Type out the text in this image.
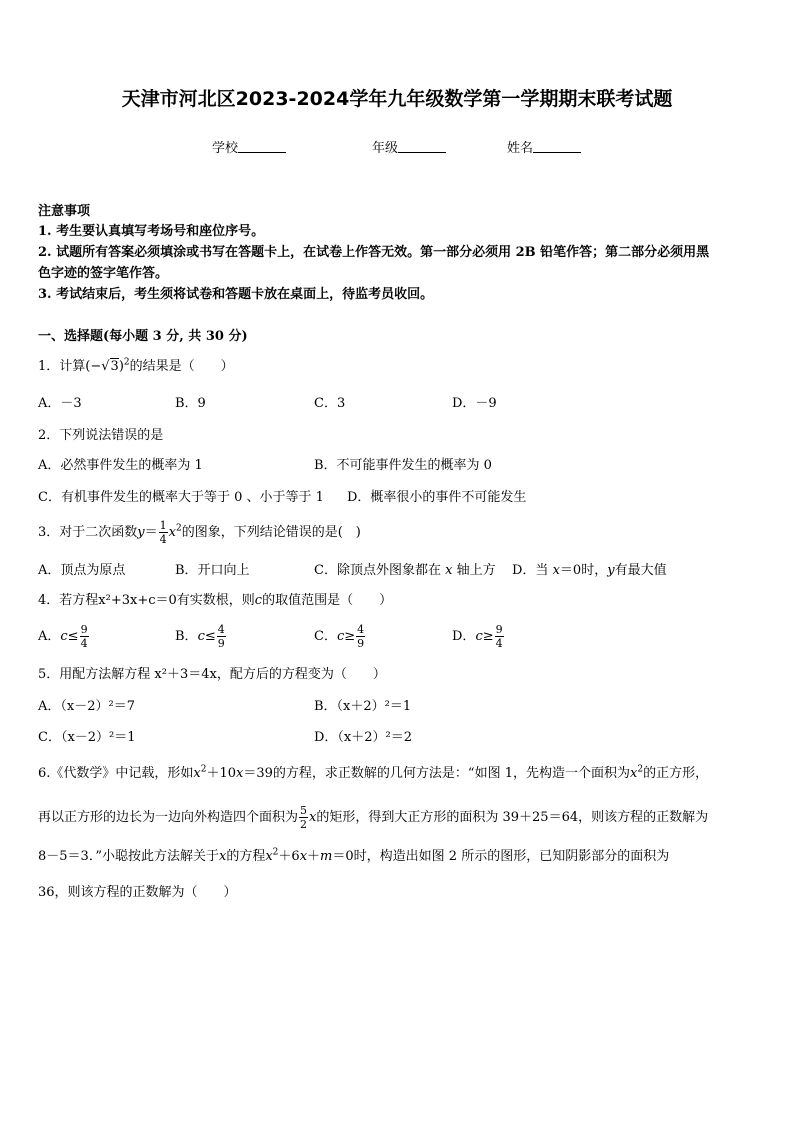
天津市河北区2023-2024学年九年级数学第一学期期末联考试题
学校	年级	姓名
注意事项
1. 考生要认真填写考场号和座位序号。
2. 试题所有答案必须填涂或书写在答题卡上，在试卷上作答无效。第一部分必须用 2B 铅笔作答；第二部分必须用黑
色字迹的签字笔作答。
3. 考试结束后，考生须将试卷和答题卡放在桌面上，待监考员收回。
一、选择题(每小题 3 分, 共 30 分)
1．计算$(-√3)^2$的结果是（　　）
A．－3	B．9	C．3	D．－9
2．下列说法错误的是
A．必然事件发生的概率为 1	B．不可能事件发生的概率为 0
C．有机事件发生的概率大于等于 0 、小于等于 1 D．概率很小的事件不可能发生
3．对于二次函数$y= \frac{1}{4} x^2$的图象，下列结论错误的是(　)
A．顶点为原点	B．开口向上	C．除顶点外图象都在 x 轴上方 D．当 x＝0时，y有最大值
4．若方程x²+3x+c＝0有实数根，则c的取值范围是（　　）
A．$c\le \frac{9}{4}$	B．$c\le \frac{4}{9}$	C．$c\ge \frac{4}{9}$	D．$c\ge \frac{9}{4}$
5．用配方法解方程 x²＋3＝4x，配方后的方程变为（　　）
A．（x－2）²＝7	B．（x＋2）²＝1
C．（x－2）²＝1	D．（x＋2）²＝2
6.《代数学》中记载，形如$x^2+10x=39$的方程，求正数解的几何方法是：“如图 1，先构造一个面积为$x^2$的正方形，
再以正方形的边长为一边向外构造四个面积为 $\frac{5}{2}$ x的矩形，得到大正方形的面积为 39＋25＝64，则该方程的正数解为
8－5＝3．”小聪按此方法解关于x的方程$x^2+6x+m=0$时，构造出如图 2 所示的图形，已知阴影部分的面积为
36，则该方程的正数解为（　　）
